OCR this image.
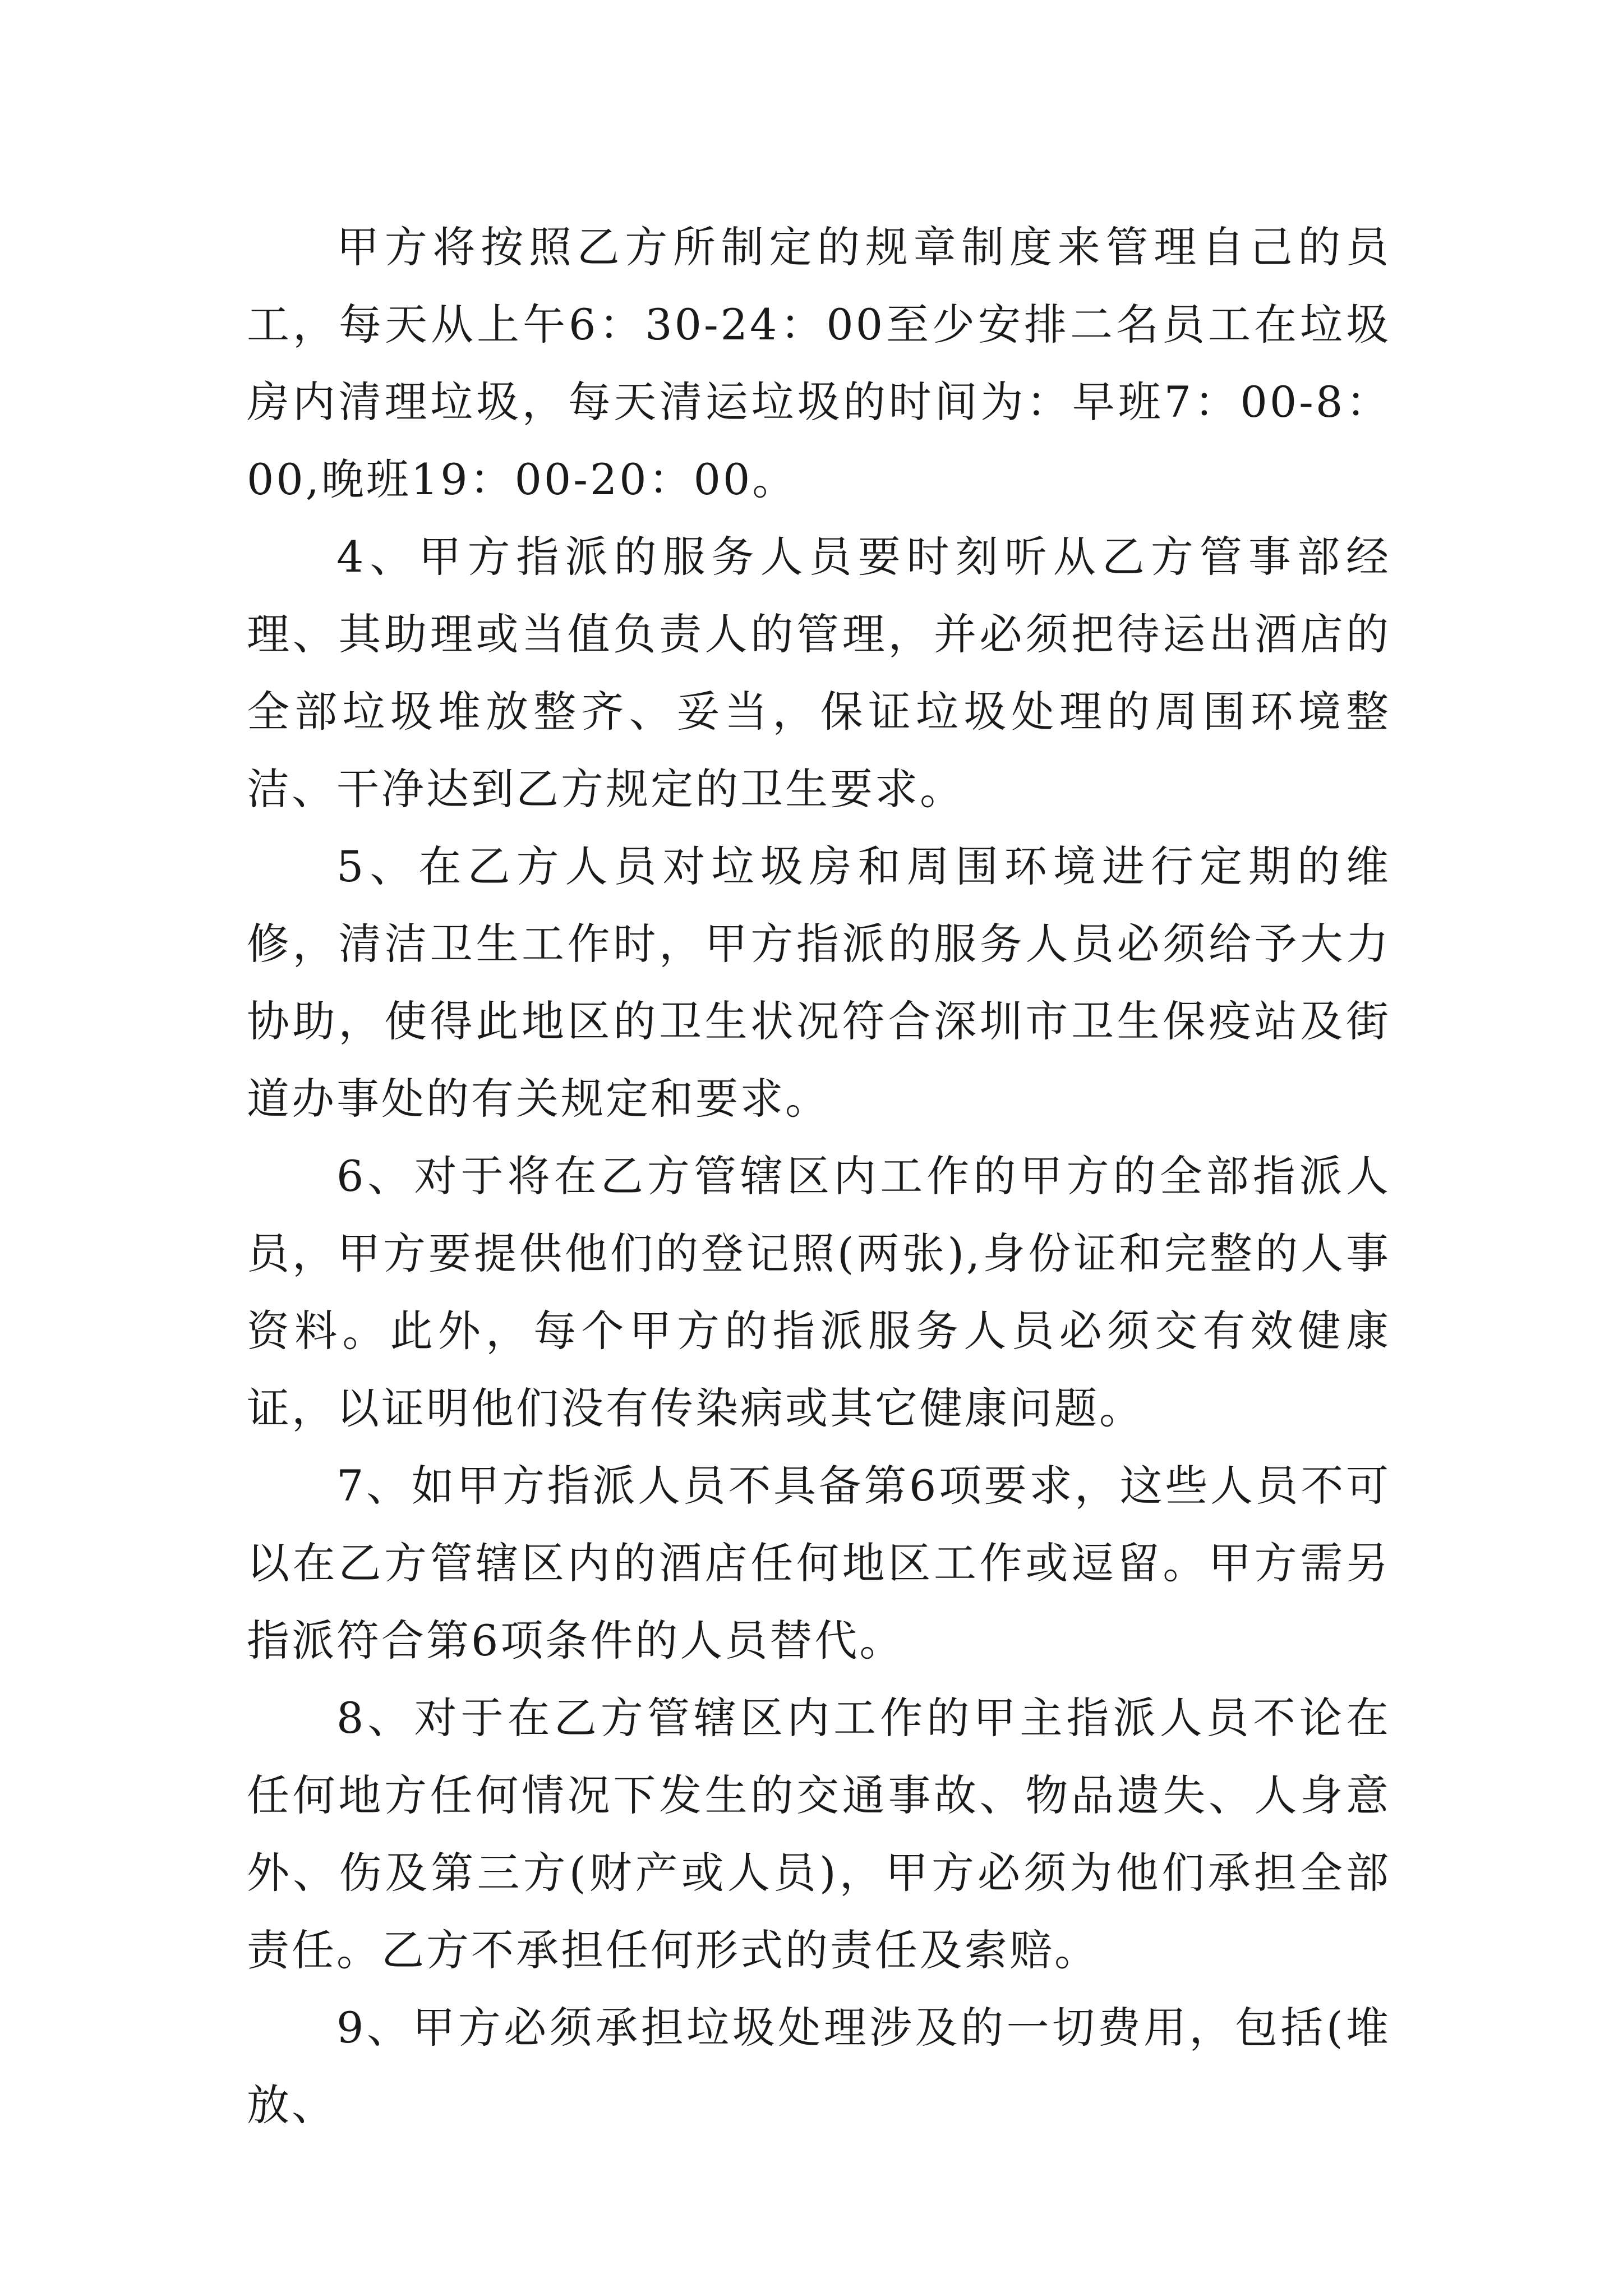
甲方将按照乙方所制定的规章制度来管理自己的员工，每天从上午6：30-24：00至少安排二名员工在垃圾房内清理垃圾，每天清运垃圾的时间为：早班7：00-8：00,晚班19：00-20：00。

4、甲方指派的服务人员要时刻听从乙方管事部经理、其助理或当值负责人的管理，并必须把待运出酒店的全部垃圾堆放整齐、妥当，保证垃圾处理的周围环境整洁、干净达到乙方规定的卫生要求。

5、在乙方人员对垃圾房和周围环境进行定期的维修，清洁卫生工作时，甲方指派的服务人员必须给予大力协助，使得此地区的卫生状况符合深圳市卫生保疫站及街道办事处的有关规定和要求。

6、对于将在乙方管辖区内工作的甲方的全部指派人员，甲方要提供他们的登记照(两张),身份证和完整的人事资料。此外，每个甲方的指派服务人员必须交有效健康证，以证明他们没有传染病或其它健康问题。

7、如甲方指派人员不具备第6项要求，这些人员不可以在乙方管辖区内的酒店任何地区工作或逗留。甲方需另指派符合第6项条件的人员替代。

8、对于在乙方管辖区内工作的甲主指派人员不论在任何地方任何情况下发生的交通事故、物品遗失、人身意外、伤及第三方(财产或人员)，甲方必须为他们承担全部责任。乙方不承担任何形式的责任及索赔。

9、甲方必须承担垃圾处理涉及的一切费用，包括(堆放、
